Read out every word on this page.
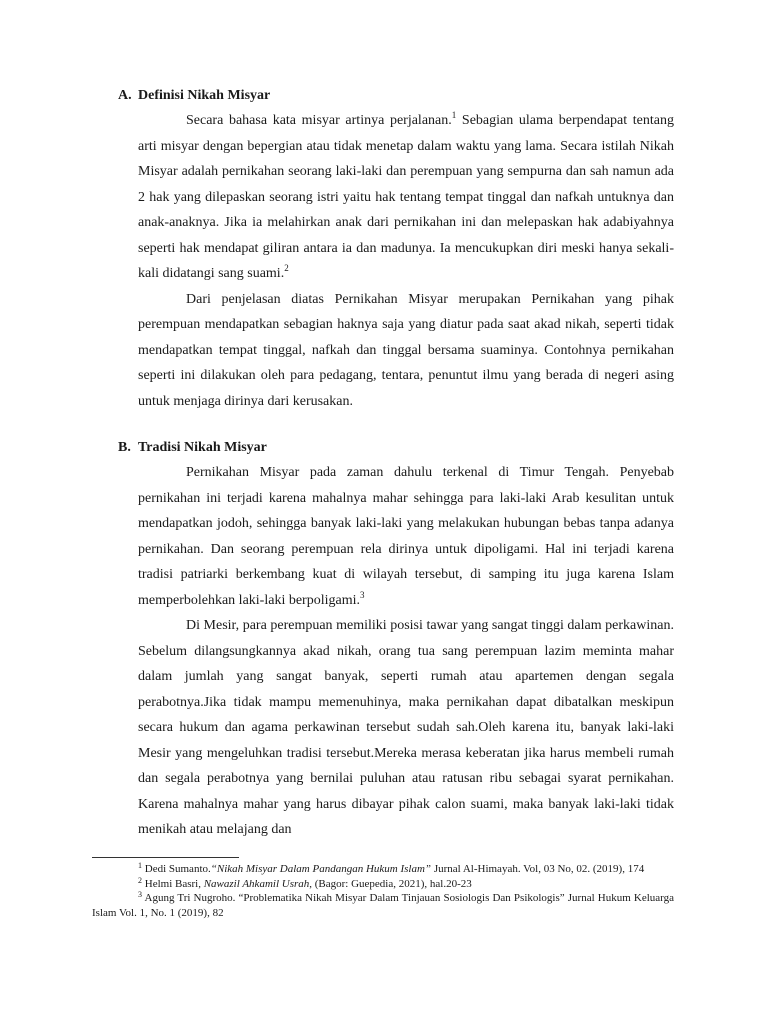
A. Definisi Nikah Misyar

Secara bahasa kata misyar artinya perjalanan.$^1$ Sebagian ulama berpendapat tentang arti misyar dengan bepergian atau tidak menetap dalam waktu yang lama. Secara istilah Nikah Misyar adalah pernikahan seorang laki-laki dan perempuan yang sempurna dan sah namun ada 2 hak yang dilepaskan seorang istri yaitu hak tentang tempat tinggal dan nafkah untuknya dan anak-anaknya. Jika ia melahirkan anak dari pernikahan ini dan melepaskan hak adabiyahnya seperti hak mendapat giliran antara ia dan madunya. Ia mencukupkan diri meski hanya sekali-kali didatangi sang suami.$^2$

Dari penjelasan diatas Pernikahan Misyar merupakan Pernikahan yang pihak perempuan mendapatkan sebagian haknya saja yang diatur pada saat akad nikah, seperti tidak mendapatkan tempat tinggal, nafkah dan tinggal bersama suaminya. Contohnya pernikahan seperti ini dilakukan oleh para pedagang, tentara, penuntut ilmu yang berada di negeri asing untuk menjaga dirinya dari kerusakan.

B. Tradisi Nikah Misyar

Pernikahan Misyar pada zaman dahulu terkenal di Timur Tengah. Penyebab pernikahan ini terjadi karena mahalnya mahar sehingga para laki-laki Arab kesulitan untuk mendapatkan jodoh, sehingga banyak laki-laki yang melakukan hubungan bebas tanpa adanya pernikahan. Dan seorang perempuan rela dirinya untuk dipoligami. Hal ini terjadi karena tradisi patriarki berkembang kuat di wilayah tersebut, di samping itu juga karena Islam memperbolehkan laki-laki berpoligami.$^3$

Di Mesir, para perempuan memiliki posisi tawar yang sangat tinggi dalam perkawinan. Sebelum dilangsungkannya akad nikah, orang tua sang perempuan lazim meminta mahar dalam jumlah yang sangat banyak, seperti rumah atau apartemen dengan segala perabotnya.Jika tidak mampu memenuhinya, maka pernikahan dapat dibatalkan meskipun secara hukum dan agama perkawinan tersebut sudah sah.Oleh karena itu, banyak laki-laki Mesir yang mengeluhkan tradisi tersebut.Mereka merasa keberatan jika harus membeli rumah dan segala perabotnya yang bernilai puluhan atau ratusan ribu sebagai syarat pernikahan. Karena mahalnya mahar yang harus dibayar pihak calon suami, maka banyak laki-laki tidak menikah atau melajang dan

$^1$ Dedi Sumanto.“Nikah Misyar Dalam Pandangan Hukum Islam” Jurnal Al-Himayah. Vol, 03 No, 02. (2019), 174

$^2$ Helmi Basri, Nawazil Ahkamil Usrah, (Bagor: Guepedia, 2021), hal.20-23

$^3$ Agung Tri Nugroho. “Problematika Nikah Misyar Dalam Tinjauan Sosiologis Dan Psikologis” Jurnal Hukum Keluarga Islam Vol. 1, No. 1 (2019), 82
